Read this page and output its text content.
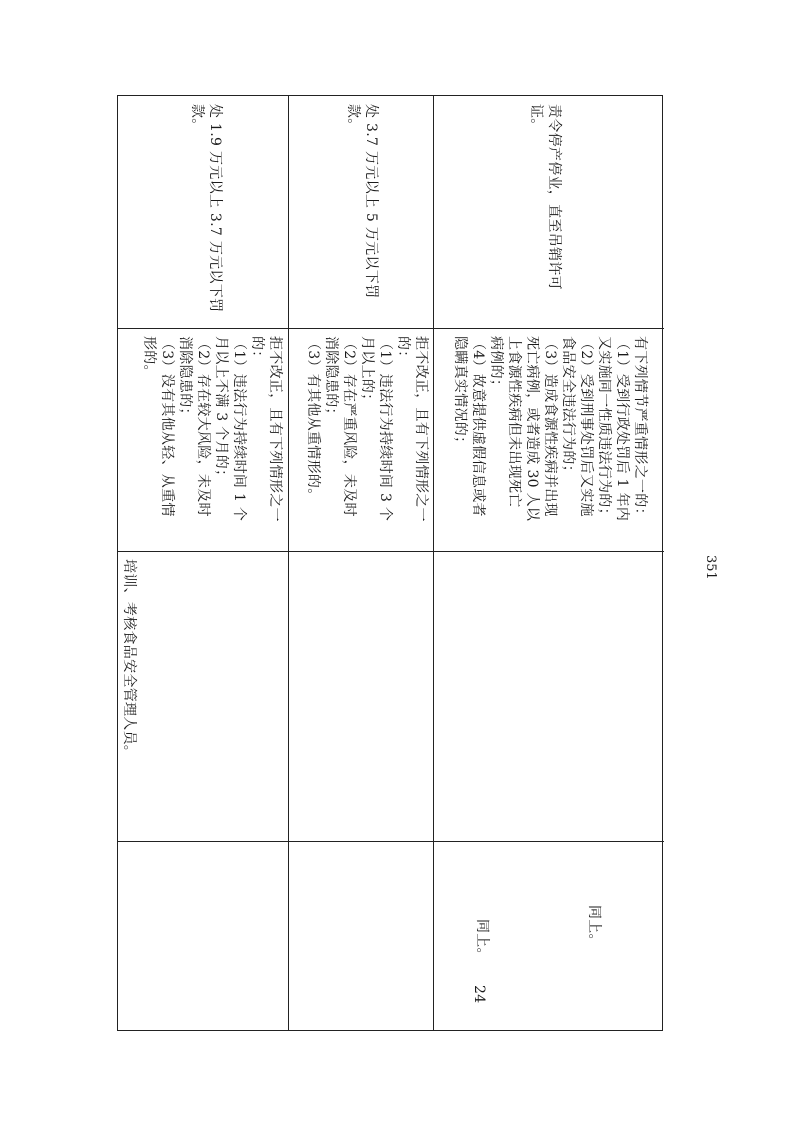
处 1.9 万元以上 3.7 万元以下罚
款。
拒不改正，且有下列情形之一
的：
（1）违法行为持续时间 1 个
月以上不满 3 个月的；
（2）存在较大风险，未及时
消除隐患的；
（3）没有其他从轻、从重情
形的。
培训、考核食品安全管理人员。
处 3.7 万元以上 5 万元以下罚
款。
拒不改正，且有下列情形之一
的：
（1）违法行为持续时间 3 个
月以上的；
（2）存在严重风险，未及时
消除隐患的；
（3）有其他从重情形的。
责令停产停业，直至吊销许可
证。
有下列情节严重情形之一的：
（1）受到行政处罚后 1 年内
又实施同一性质违法行为的；
（2）受到刑事处罚后又实施
食品安全违法行为的；
（3）造成食源性疾病并出现
死亡病例，或者造成 30 人以
上食源性疾病但未出现死亡
病例的；
（4）故意提供虚假信息或者
隐瞒真实情况的；
同上。
同上。
24
351
